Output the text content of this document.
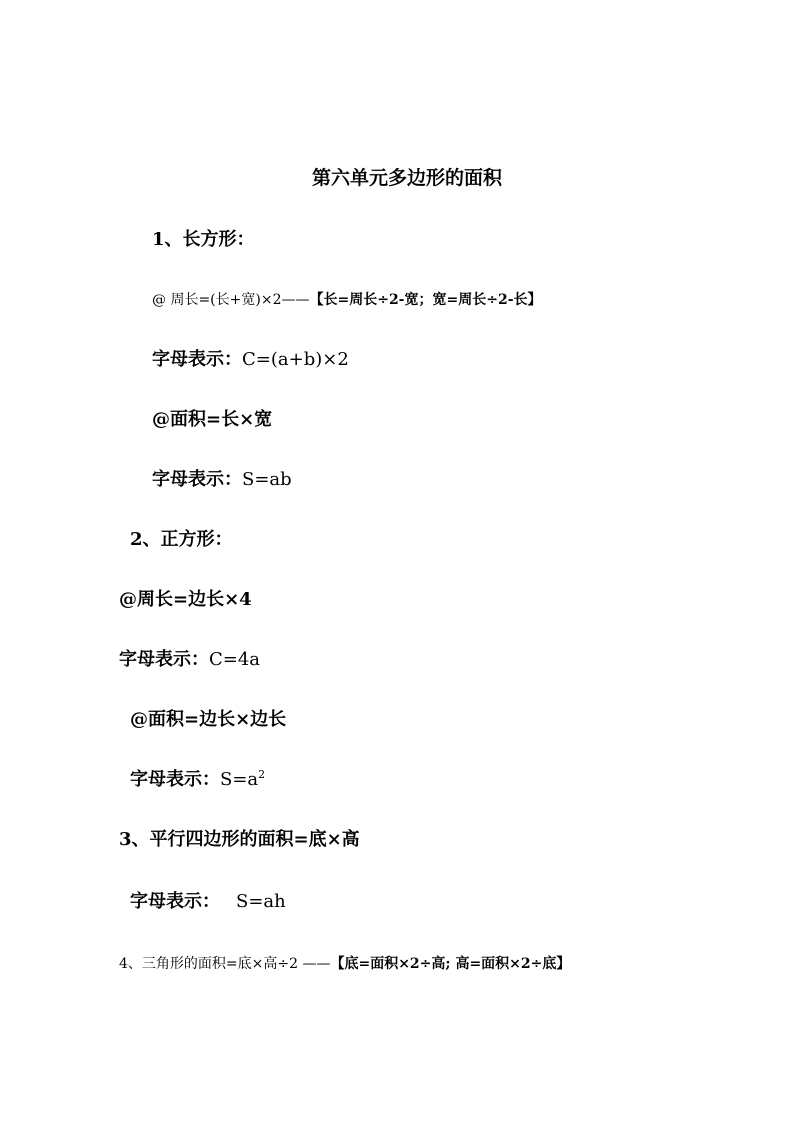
第六单元多边形的面积
1、长方形：
@ 周长=(长+宽)×2——【长=周长÷2-宽；宽=周长÷2-长】
字母表示：C=(a+b)×2
@面积=长×宽
字母表示：S=ab
2、正方形：
@周长=边长×4
字母表示：C=4a
@面积=边长×边长
字母表示：$S=a^2$
3、平行四边形的面积=底×高
字母表示： S=ah
4、三角形的面积=底×高÷2 ——【底=面积×2÷高; 高=面积×2÷底】
